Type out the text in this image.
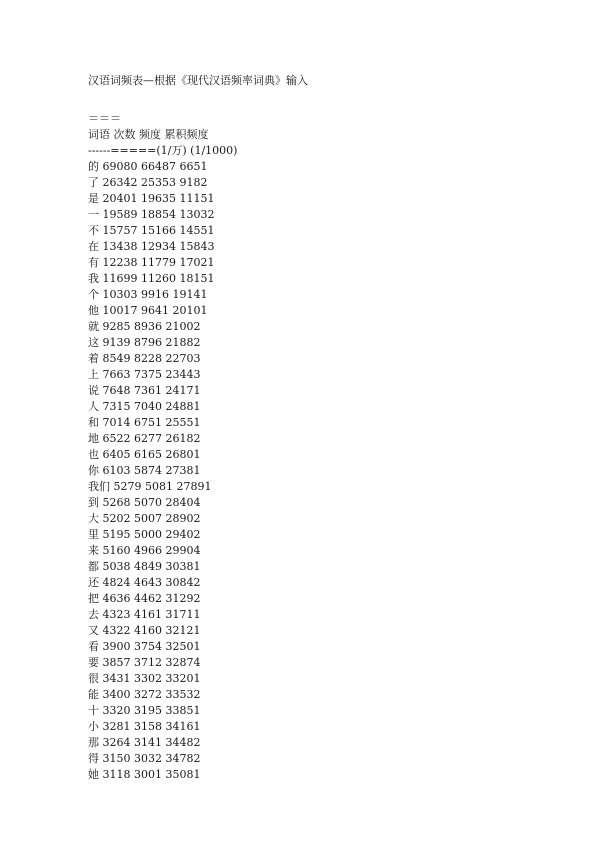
汉语词频表—根据《现代汉语频率词典》输入
＝＝＝
词语 次数 频度 累积频度
------=====(1/万) (1/1000)
的 69080 66487 6651
了 26342 25353 9182
是 20401 19635 11151
一 19589 18854 13032
不 15757 15166 14551
在 13438 12934 15843
有 12238 11779 17021
我 11699 11260 18151
个 10303 9916 19141
他 10017 9641 20101
就 9285 8936 21002
这 9139 8796 21882
着 8549 8228 22703
上 7663 7375 23443
说 7648 7361 24171
人 7315 7040 24881
和 7014 6751 25551
地 6522 6277 26182
也 6405 6165 26801
你 6103 5874 27381
我们 5279 5081 27891
到 5268 5070 28404
大 5202 5007 28902
里 5195 5000 29402
来 5160 4966 29904
都 5038 4849 30381
还 4824 4643 30842
把 4636 4462 31292
去 4323 4161 31711
又 4322 4160 32121
看 3900 3754 32501
要 3857 3712 32874
很 3431 3302 33201
能 3400 3272 33532
十 3320 3195 33851
小 3281 3158 34161
那 3264 3141 34482
得 3150 3032 34782
她 3118 3001 35081
